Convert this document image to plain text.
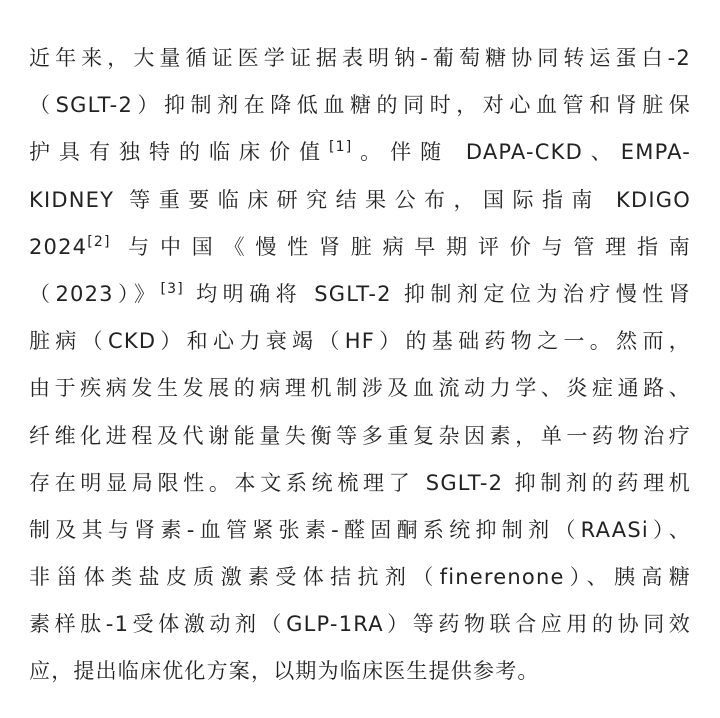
近年来，大量循证医学证据表明钠-葡萄糖协同转运蛋白-2
（SGLT-2）抑制剂在降低血糖的同时，对心血管和肾脏保
护具有独特的临床价值[1]。伴随 DAPA-CKD、EMPA-
KIDNEY 等重要临床研究结果公布，国际指南 KDIGO
2024[2] 与中国《慢性肾脏病早期评价与管理指南
（2023）》[3] 均明确将 SGLT-2 抑制剂定位为治疗慢性肾
脏病（CKD）和心力衰竭（HF）的基础药物之一。然而，
由于疾病发生发展的病理机制涉及血流动力学、炎症通路、
纤维化进程及代谢能量失衡等多重复杂因素，单一药物治疗
存在明显局限性。本文系统梳理了 SGLT-2 抑制剂的药理机
制及其与肾素-血管紧张素-醛固酮系统抑制剂（RAASi）、
非甾体类盐皮质激素受体拮抗剂（finerenone）、胰高糖
素样肽-1受体激动剂（GLP-1RA）等药物联合应用的协同效
应，提出临床优化方案，以期为临床医生提供参考。
